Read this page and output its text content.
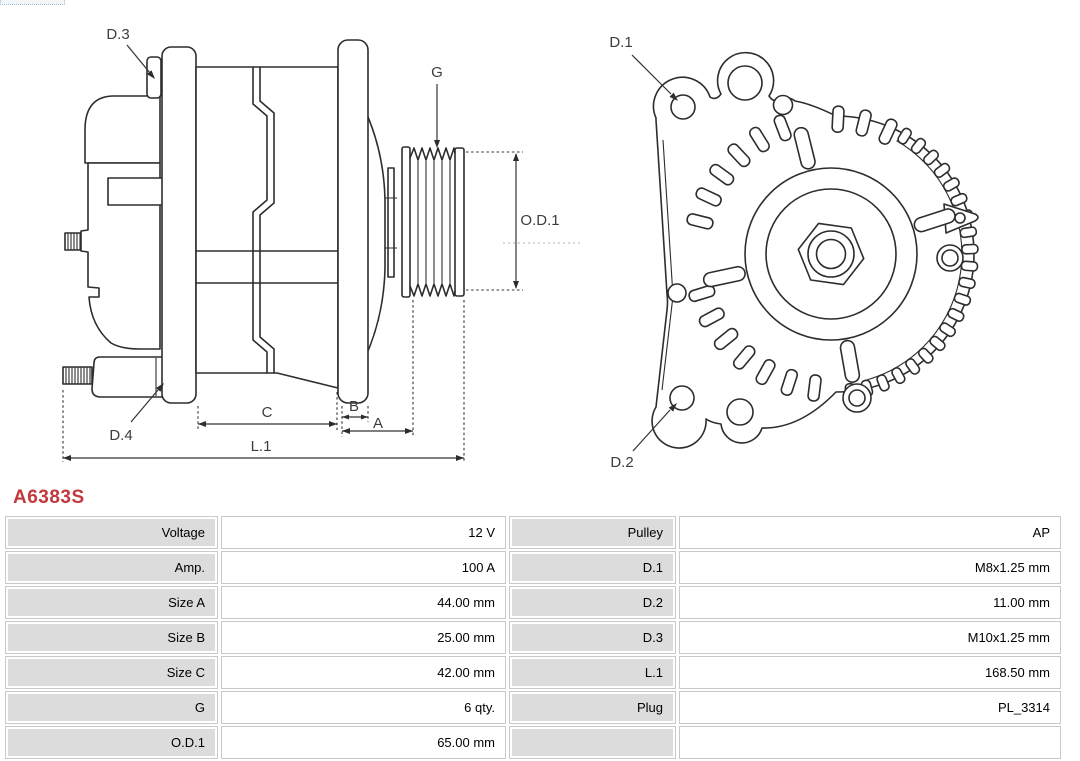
C	B
A
L.1
O.D.1
G
D.3
D.4
D.1
D.2
A6383S
Voltage	12 V	Pulley	AP
Amp.	100 A	D.1	M8x1.25 mm
Size A	44.00 mm	D.2	11.00 mm
Size B	25.00 mm	D.3	M10x1.25 mm
Size C	42.00 mm	L.1	168.50 mm
G	6 qty.	Plug	PL_3314
O.D.1	65.00 mm		
